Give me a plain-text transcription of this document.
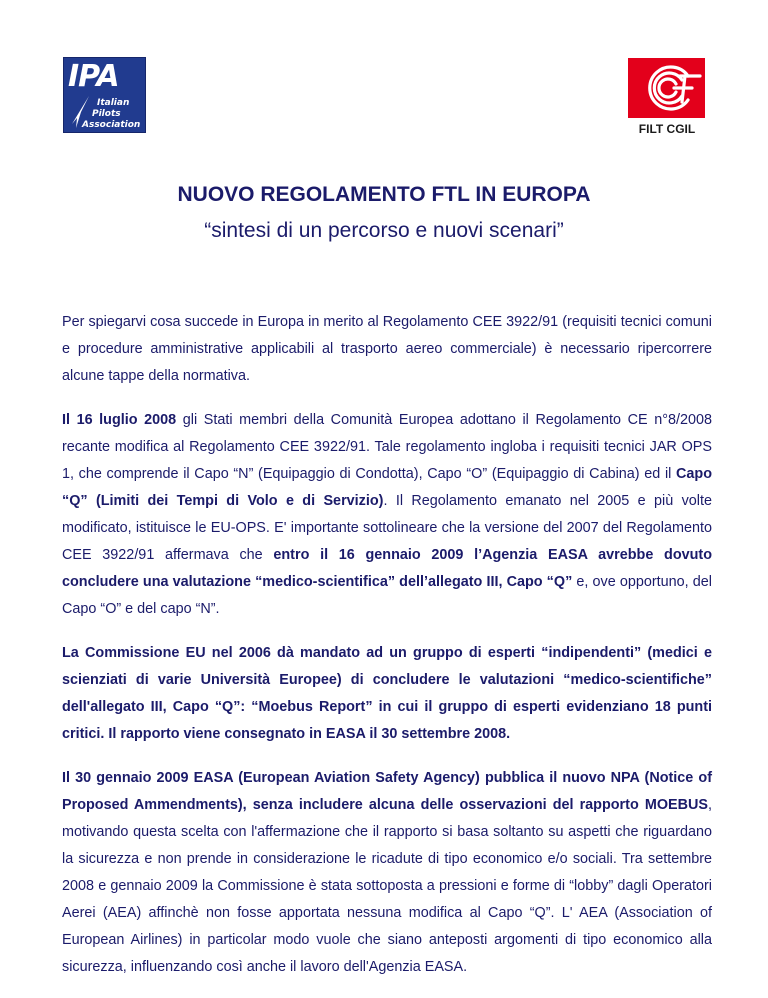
IPA
Italian
Pilots
Association	FILT CGIL
NUOVO REGOLAMENTO FTL IN EUROPA
“sintesi di un percorso e nuovi scenari”

Per spiegarvi cosa succede in Europa in merito al Regolamento CEE 3922/91 (requisiti tecnici comuni e procedure amministrative applicabili al trasporto aereo commerciale) è necessario ripercorrere alcune tappe della normativa.

Il 16 luglio 2008 gli Stati membri della Comunità Europea adottano il Regolamento CE n°8/2008 recante modifica al Regolamento CEE 3922/91. Tale regolamento ingloba i requisiti tecnici JAR OPS 1, che comprende il Capo “N” (Equipaggio di Condotta), Capo “O” (Equipaggio di Cabina) ed il Capo “Q” (Limiti dei Tempi di Volo e di Servizio). Il Regolamento emanato nel 2005 e più volte modificato, istituisce le EU-OPS. E' importante sottolineare che la versione del 2007 del Regolamento CEE 3922/91 affermava che entro il 16 gennaio 2009 l’Agenzia EASA avrebbe dovuto concludere una valutazione “medico-scientifica” dell’allegato III, Capo “Q” e, ove opportuno, del Capo “O” e del capo “N”.

La Commissione EU nel 2006 dà mandato ad un gruppo di esperti “indipendenti” (medici e scienziati di varie Università Europee) di concludere le valutazioni “medico-scientifiche” dell'allegato III, Capo “Q”: “Moebus Report” in cui il gruppo di esperti evidenziano 18 punti critici. Il rapporto viene consegnato in EASA il 30 settembre 2008.

Il 30 gennaio 2009 EASA (European Aviation Safety Agency) pubblica il nuovo NPA (Notice of Proposed Ammendments), senza includere alcuna delle osservazioni del rapporto MOEBUS, motivando questa scelta con l'affermazione che il rapporto si basa soltanto su aspetti che riguardano la sicurezza e non prende in considerazione le ricadute di tipo economico e/o sociali. Tra settembre 2008 e gennaio 2009 la Commissione è stata sottoposta a pressioni e forme di “lobby” dagli Operatori Aerei (AEA) affinchè non fosse apportata nessuna modifica al Capo “Q”. L' AEA (Association of European Airlines) in particolar modo vuole che siano anteposti argomenti di tipo economico alla sicurezza, influenzando così anche il lavoro dell'Agenzia EASA.
